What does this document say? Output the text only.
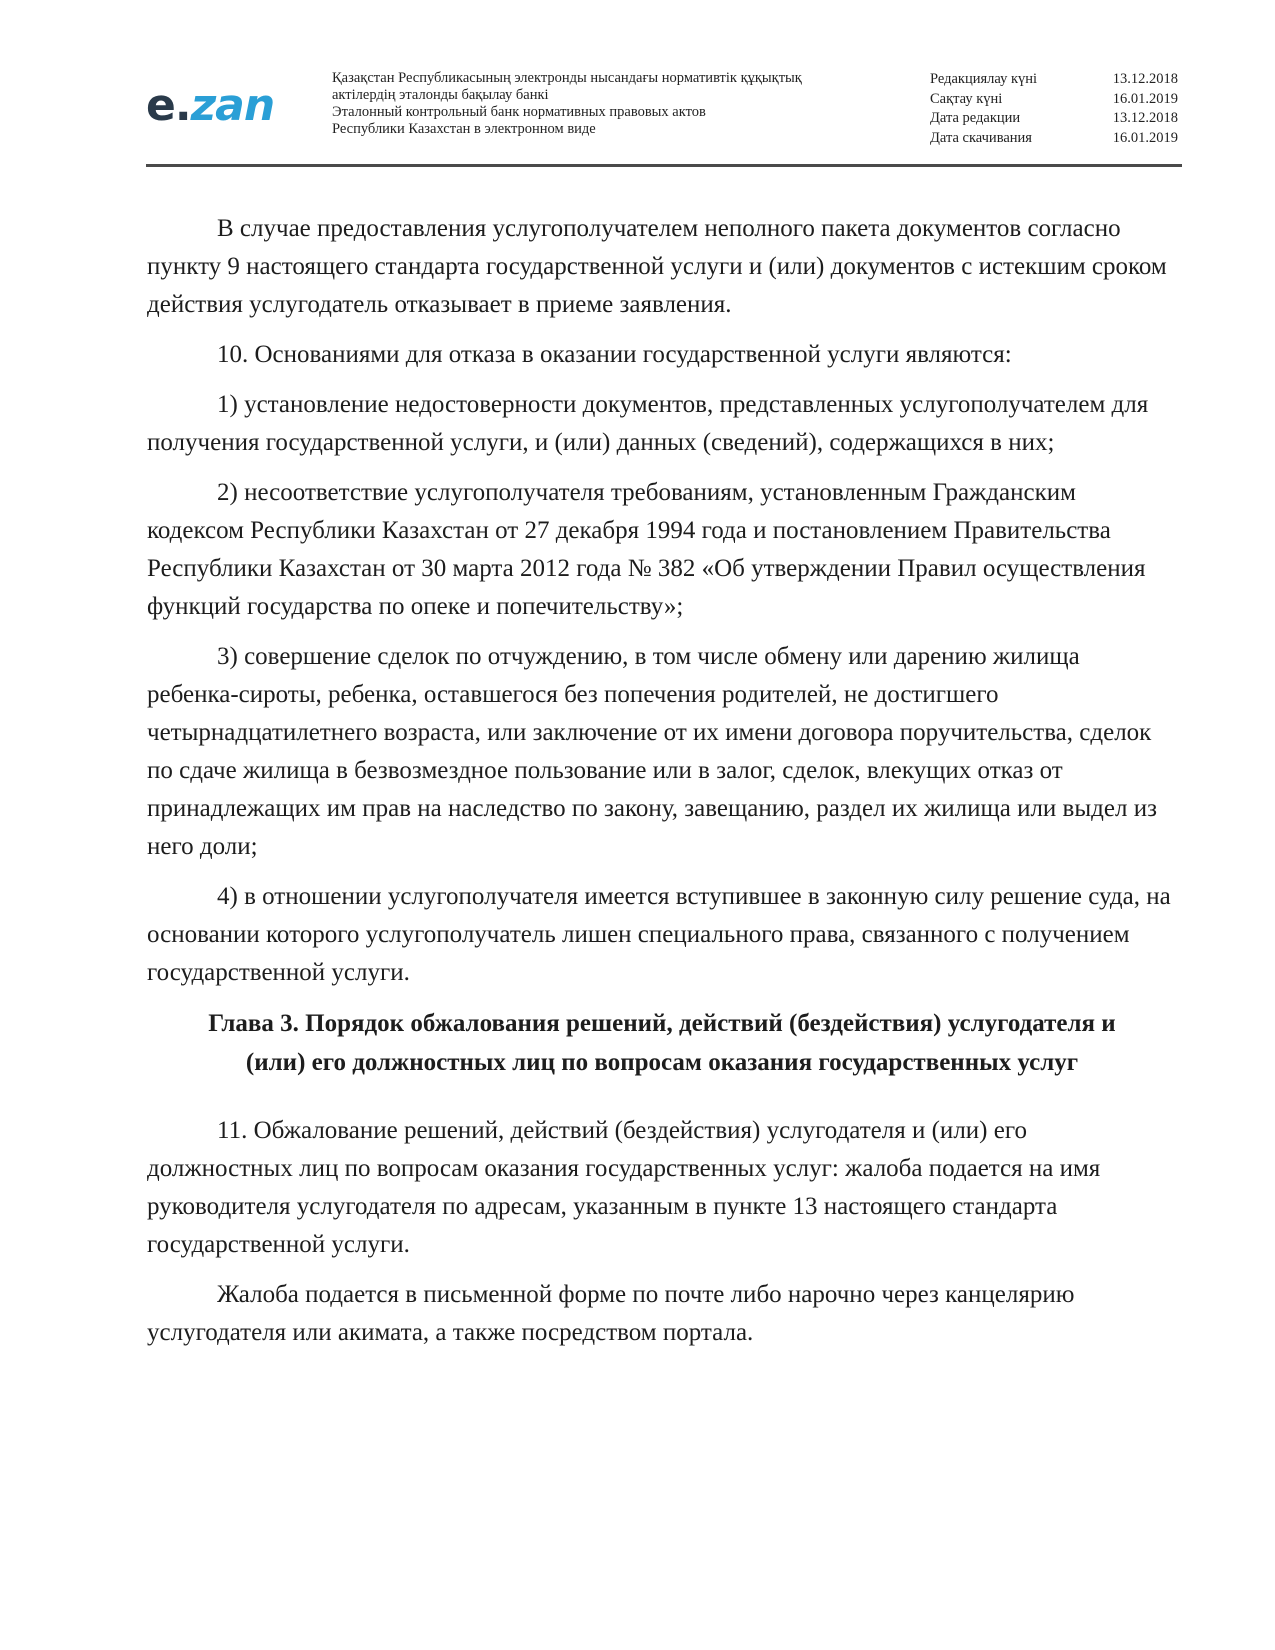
e.zan
Қазақстан Республикасының электронды нысандағы нормативтік құқықтық
актілердің эталонды бақылау банкі
Эталонный контрольный банк нормативных правовых актов
Республики Казахстан в электронном виде
Редакциялау күні	13.12.2018
Сақтау күні	16.01.2019
Дата редакции	13.12.2018
Дата скачивания	16.01.2019

В случае предоставления услугополучателем неполного пакета документов согласно пункту 9 настоящего стандарта государственной услуги и (или) документов с истекшим сроком действия услугодатель отказывает в приеме заявления.

10. Основаниями для отказа в оказании государственной услуги являются:

1) установление недостоверности документов, представленных услугополучателем для получения государственной услуги, и (или) данных (сведений), содержащихся в них;

2) несоответствие услугополучателя требованиям, установленным Гражданским кодексом Республики Казахстан от 27 декабря 1994 года и постановлением Правительства Республики Казахстан от 30 марта 2012 года № 382 «Об утверждении Правил осуществления функций государства по опеке и попечительству»;

3) совершение сделок по отчуждению, в том числе обмену или дарению жилища ребенка-сироты, ребенка, оставшегося без попечения родителей, не достигшего четырнадцатилетнего возраста, или заключение от их имени договора поручительства, сделок по сдаче жилища в безвозмездное пользование или в залог, сделок, влекущих отказ от принадлежащих им прав на наследство по закону, завещанию, раздел их жилища или выдел из него доли;

4) в отношении услугополучателя имеется вступившее в законную силу решение суда, на основании которого услугополучатель лишен специального права, связанного с получением государственной услуги.

Глава 3. Порядок обжалования решений, действий (бездействия) услугодателя и (или) его должностных лиц по вопросам оказания государственных услуг

11. Обжалование решений, действий (бездействия) услугодателя и (или) его должностных лиц по вопросам оказания государственных услуг: жалоба подается на имя руководителя услугодателя по адресам, указанным в пункте 13 настоящего стандарта государственной услуги.

Жалоба подается в письменной форме по почте либо нарочно через канцелярию услугодателя или акимата, а также посредством портала.
